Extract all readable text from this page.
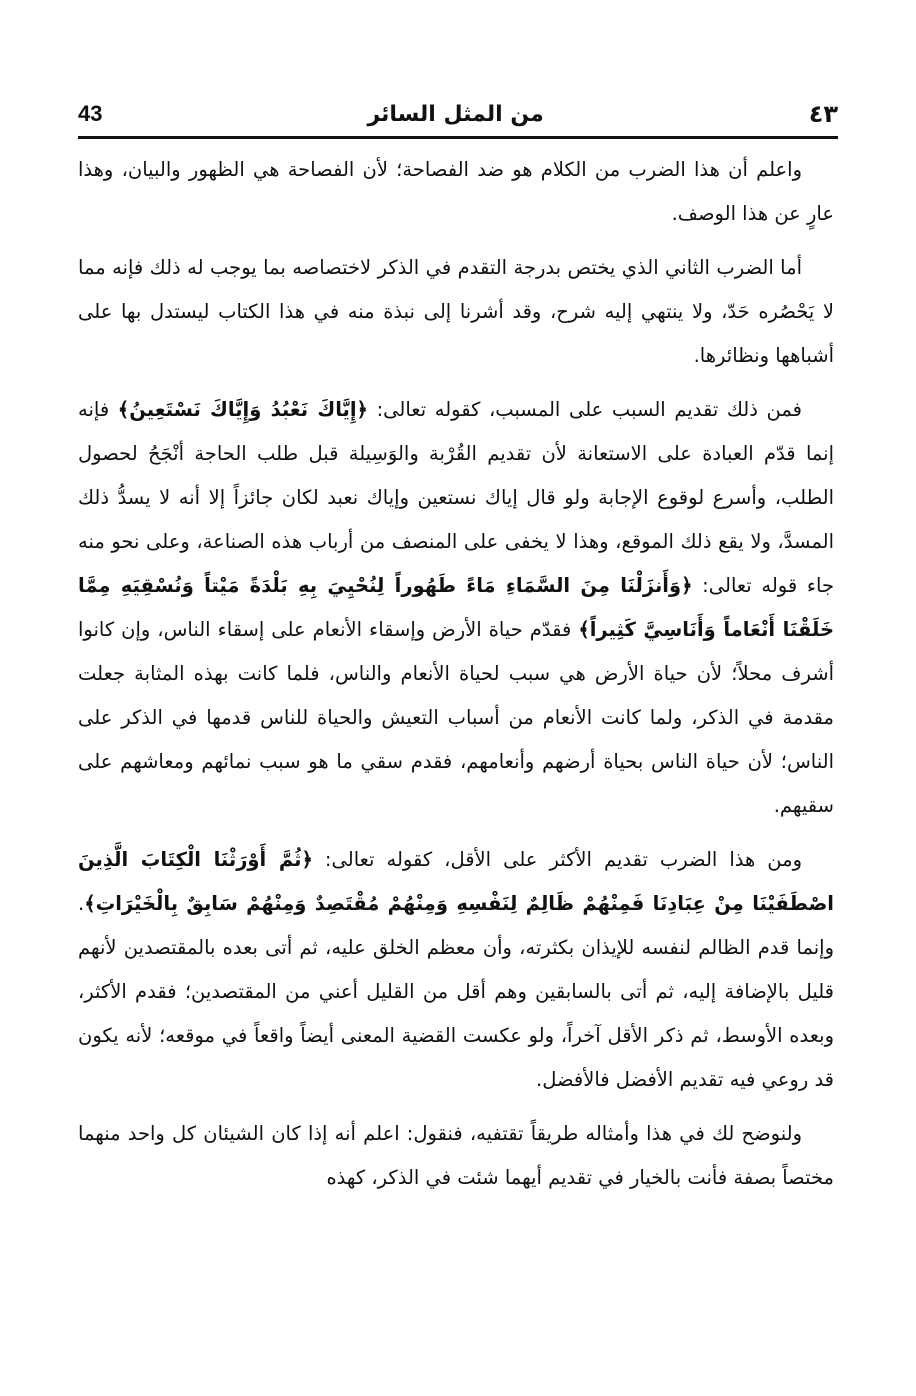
43	من المثل السائر	٤٣

واعلم أن هذا الضرب من الكلام هو ضد الفصاحة؛ لأن الفصاحة هي الظهور والبيان، وهذا عارٍ عن هذا الوصف.

أما الضرب الثاني الذي يختص بدرجة التقدم في الذكر لاختصاصه بما يوجب له ذلك فإنه مما لا يَحْصُره حَدّ، ولا ينتهي إليه شرح، وقد أشرنا إلى نبذة منه في هذا الكتاب ليستدل بها على أشباهها ونظائرها.

فمن ذلك تقديم السبب على المسبب، كقوله تعالى: ﴿إِيَّاكَ نَعْبُدُ وَإِيَّاكَ نَسْتَعِينُ﴾ فإنه إنما قدّم العبادة على الاستعانة لأن تقديم القُرْبة والوَسِيلة قبل طلب الحاجة أنْجَحُ لحصول الطلب، وأسرع لوقوع الإجابة ولو قال إياك نستعين وإياك نعبد لكان جائزاً إلا أنه لا يسدُّ ذلك المسدَّ، ولا يقع ذلك الموقع، وهذا لا يخفى على المنصف من أرباب هذه الصناعة، وعلى نحو منه جاء قوله تعالى: ﴿وَأَنزَلْنَا مِنَ السَّمَاءِ مَاءً طَهُوراً لِنُحْيِيَ بِهِ بَلْدَةً مَيْتاً وَنُسْقِيَهِ مِمَّا خَلَقْنَا أَنْعَاماً وَأَنَاسِيَّ كَثِيراً﴾ فقدّم حياة الأرض وإسقاء الأنعام على إسقاء الناس، وإن كانوا أشرف محلاً؛ لأن حياة الأرض هي سبب لحياة الأنعام والناس، فلما كانت بهذه المثابة جعلت مقدمة في الذكر، ولما كانت الأنعام من أسباب التعيش والحياة للناس قدمها في الذكر على الناس؛ لأن حياة الناس بحياة أرضهم وأنعامهم، فقدم سقي ما هو سبب نمائهم ومعاشهم على سقيهم.

ومن هذا الضرب تقديم الأكثر على الأقل، كقوله تعالى: ﴿ثُمَّ أَوْرَثْنَا الْكِتَابَ الَّذِينَ اصْطَفَيْنَا مِنْ عِبَادِنَا فَمِنْهُمْ ظَالِمٌ لِنَفْسِهِ وَمِنْهُمْ مُقْتَصِدٌ وَمِنْهُمْ سَابِقٌ بِالْخَيْرَاتِ﴾. وإنما قدم الظالم لنفسه للإيذان بكثرته، وأن معظم الخلق عليه، ثم أتى بعده بالمقتصدين لأنهم قليل بالإضافة إليه، ثم أتى بالسابقين وهم أقل من القليل أعني من المقتصدين؛ فقدم الأكثر، وبعده الأوسط، ثم ذكر الأقل آخراً، ولو عكست القضية المعنى أيضاً واقعاً في موقعه؛ لأنه يكون قد روعي فيه تقديم الأفضل فالأفضل.

ولنوضح لك في هذا وأمثاله طريقاً تقتفيه، فنقول: اعلم أنه إذا كان الشيئان كل واحد منهما مختصاً بصفة فأنت بالخيار في تقديم أيهما شئت في الذكر، كهذه
